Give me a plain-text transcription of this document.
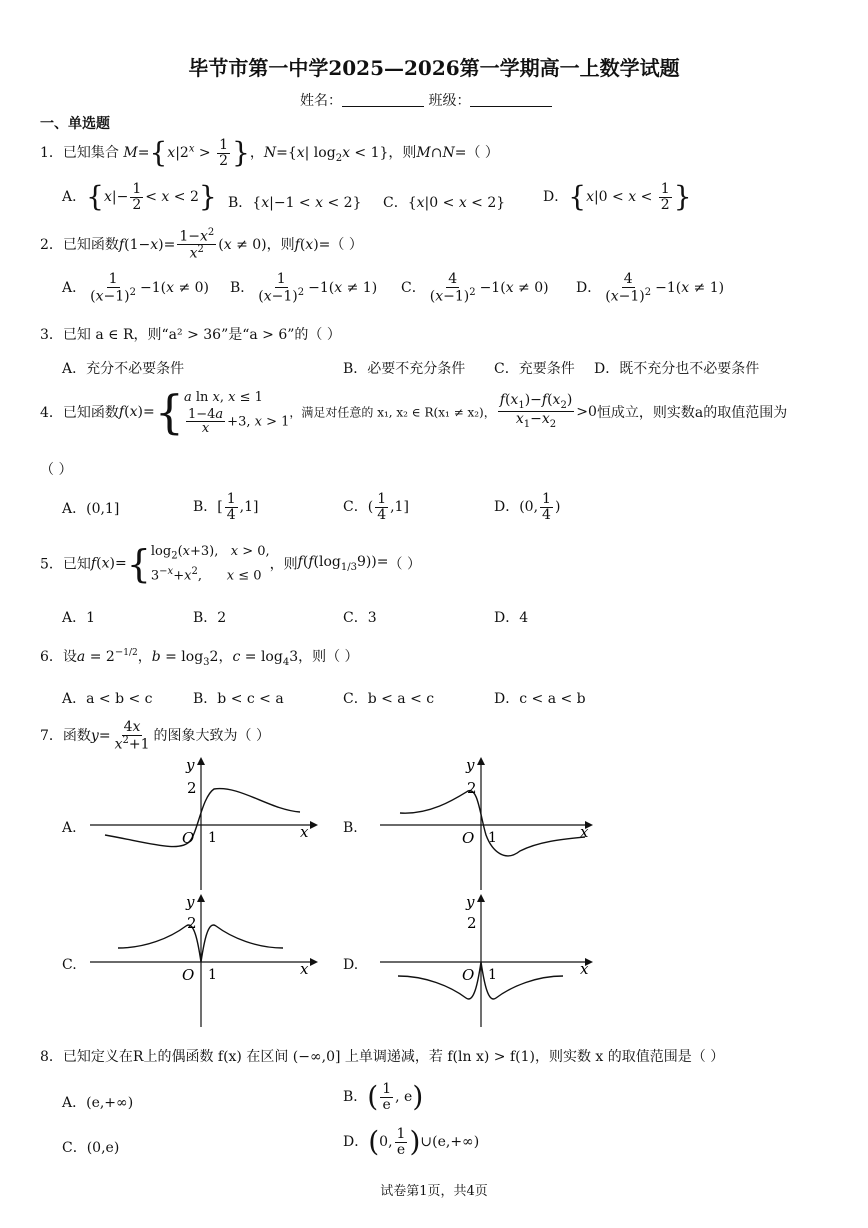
毕节市第一中学2025—2026第一学期高一上数学试题
姓名：	班级：
一、单选题
1．已知集合 $M=\{x|2^x > \frac{1}{2}$ }，N={x| $\log_2x < 1$}，则M∩N=（ ）
A．$\{x|- \frac{1}{2} < x < 2\}$ B．{x|−1 < x < 2} C．{x|0 < x < 2}	D．{$x|0 < x < \frac{1}{2}$ }
2．已知函数$f(1-x)= \frac{1-x^2}{x^2} (x \ne 0)$，则f(x)=（ ）
A． $\frac{1}{(x-1)^2} -1(x \ne 0)$ B． $\frac{1}{(x-1)^2} -1(x \ne 1)$ C． $\frac{4}{(x-1)^2} -1(x \ne 0)$ D． $\frac{4}{(x-1)^2} -1(x \ne 1)$
3．已知 a ∈ R，则“a² > 36”是“a > 6”的（ ）
A．充分不必要条件	B．必要不充分条件 C．充要条件 D．既不充分也不必要条件
4．已知函数f(x)= { a ln x, x ≤ 1
$\frac{1-4a}{x} +3$, x > 1
，满足对任意的 x₁, x₂ ∈ R(x₁ ≠ x₂)， $\frac{f(x_1)-f(x_2)}{x_1-x_2} >0$恒成立，则实数a的取值范围为
（ ）
A．(0,1]	B．[ $\frac{1}{4} ,1$]	C．( $\frac{1}{4} ,1$]	D．(0, $\frac{1}{4}$ )
5．已知f(x)= { $\log_2(x+3)$,   x > 0,
$3^{-x}+x^2$,      x ≤ 0
，则$f(f(\log_{1/3}9))=$（ ）
A．1	B．2	C．3	D．4
6．设$a = 2^{-1/2}$，$b = \log_32$，$c = \log_43$，则（ ）
A．a < b < c	B．b < c < a	C．b < a < c	D．c < a < b
7．函数$y= \frac{4x}{x^2+1}$ 的图象大致为（ ）
A.	B.
C.	D.
y
x
O 1
2
y
x
O 1
2
y
x
O 1
2
y
x
O 1
2
8．已知定义在R上的偶函数 f(x) 在区间 (−∞,0] 上单调递减，若 f(ln x) > f(1)，则实数 x 的取值范围是（ ）
A．(e,+∞)	B．( $\frac{1}{e}$ , e)
C．(0,e)	D．(0, $\frac{1}{e}$ )∪(e,+∞)
试卷第1页，共4页
